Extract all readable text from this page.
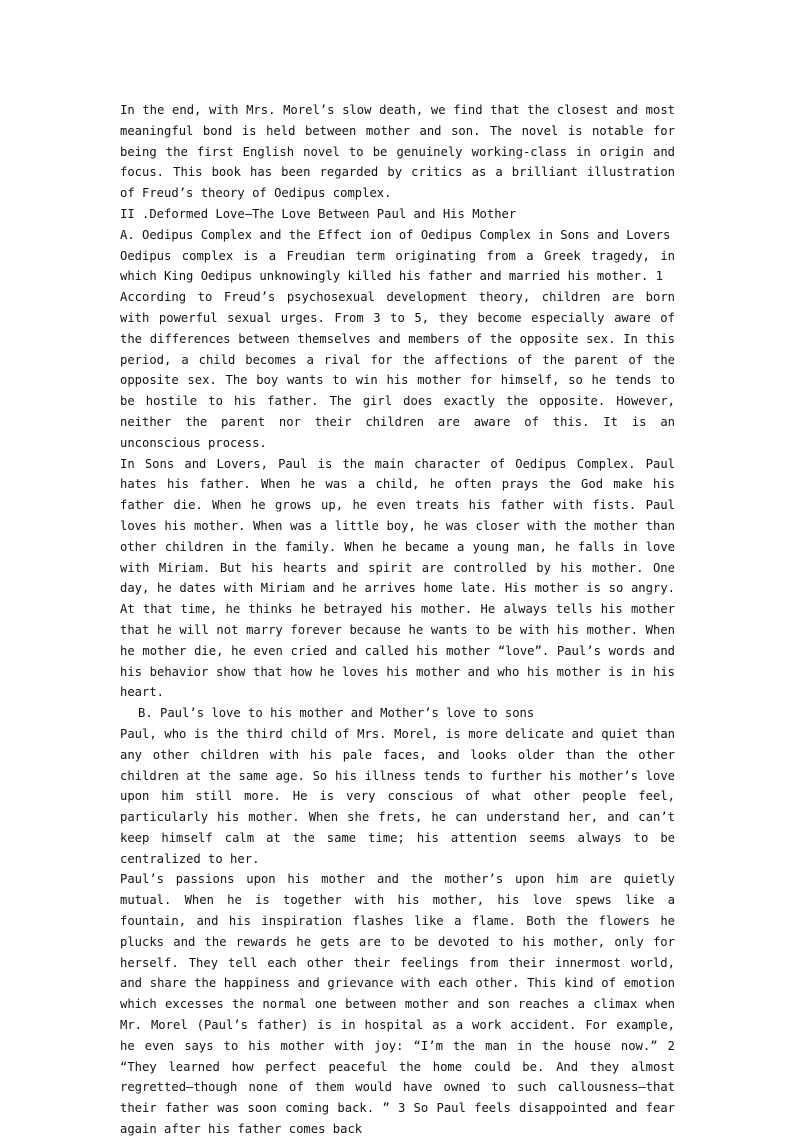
In the end, with Mrs. Morel’s slow death, we find that the closest and most meaningful bond is held between mother and son. The novel is notable for being the first English novel to be genuinely working-class in origin and focus. This book has been regarded by critics as a brilliant illustration of Freud’s theory of Oedipus complex.

II .Deformed Love—The Love Between Paul and His Mother

A. Oedipus Complex and the Effect ion of Oedipus Complex in Sons and Lovers

Oedipus complex is a Freudian term originating from a Greek tragedy, in which King Oedipus unknowingly killed his father and married his mother. 1

According to Freud’s psychosexual development theory, children are born with powerful sexual urges. From 3 to 5, they become especially aware of the differences between themselves and members of the opposite sex. In this period, a child becomes a rival for the affections of the parent of the opposite sex. The boy wants to win his mother for himself, so he tends to be hostile to his father. The girl does exactly the opposite. However, neither the parent nor their children are aware of this. It is an unconscious process.

In Sons and Lovers, Paul is the main character of Oedipus Complex. Paul hates his father. When he was a child, he often prays the God make his father die. When he grows up, he even treats his father with fists. Paul loves his mother. When was a little boy, he was closer with the mother than other children in the family. When he became a young man, he falls in love with Miriam. But his hearts and spirit are controlled by his mother. One day, he dates with Miriam and he arrives home late. His mother is so angry. At that time, he thinks he betrayed his mother. He always tells his mother that he will not marry forever because he wants to be with his mother. When he mother die, he even cried and called his mother “love”. Paul’s words and his behavior show that how he loves his mother and who his mother is in his heart.

B. Paul’s love to his mother and Mother’s love to sons

Paul, who is the third child of Mrs. Morel, is more delicate and quiet than any other children with his pale faces, and looks older than the other children at the same age. So his illness tends to further his mother’s love upon him still more. He is very conscious of what other people feel, particularly his mother. When she frets, he can understand her, and can’t keep himself calm at the same time; his attention seems always to be centralized to her.

Paul’s passions upon his mother and the mother’s upon him are quietly mutual. When he is together with his mother, his love spews like a fountain, and his inspiration flashes like a flame. Both the flowers he plucks and the rewards he gets are to be devoted to his mother, only for herself. They tell each other their feelings from their innermost world, and share the happiness and grievance with each other. This kind of emotion which excesses the normal one between mother and son reaches a climax when Mr. Morel (Paul’s father) is in hospital as a work accident. For example, he even says to his mother with joy: “I’m the man in the house now.” 2 “They learned how perfect peaceful the home could be. And they almost regretted—though none of them would have owned to such callousness—that their father was soon coming back. ” 3 So Paul feels disappointed and fear again after his father comes back
